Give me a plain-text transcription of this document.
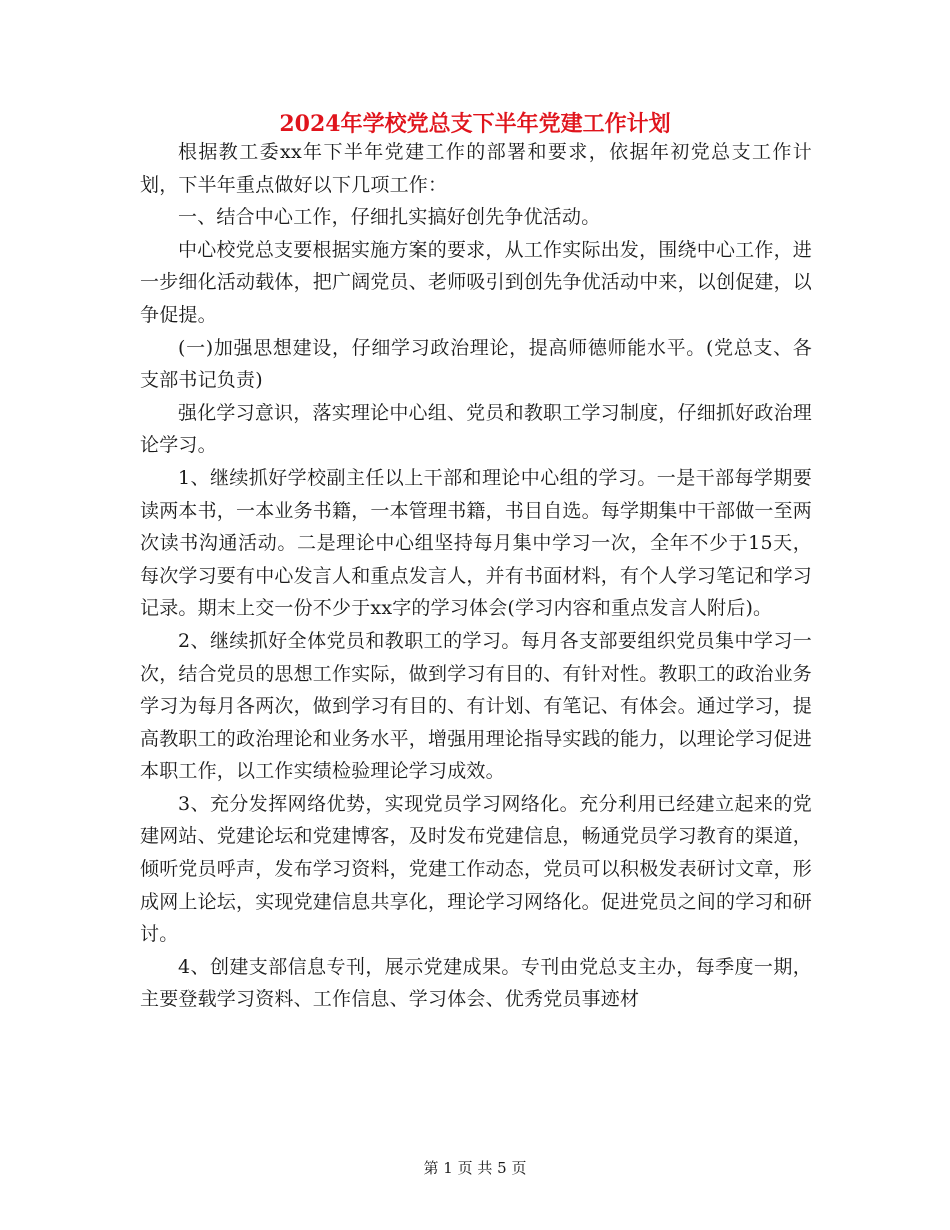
2024年学校党总支下半年党建工作计划

根据教工委xx年下半年党建工作的部署和要求，依据年初党总支工作计划，下半年重点做好以下几项工作：

一、结合中心工作，仔细扎实搞好创先争优活动。

中心校党总支要根据实施方案的要求，从工作实际出发，围绕中心工作，进一步细化活动载体，把广阔党员、老师吸引到创先争优活动中来，以创促建，以争促提。

(一)加强思想建设，仔细学习政治理论，提高师德师能水平。(党总支、各支部书记负责)

强化学习意识，落实理论中心组、党员和教职工学习制度，仔细抓好政治理论学习。

1、继续抓好学校副主任以上干部和理论中心组的学习。一是干部每学期要读两本书，一本业务书籍，一本管理书籍，书目自选。每学期集中干部做一至两次读书沟通活动。二是理论中心组坚持每月集中学习一次，全年不少于15天，每次学习要有中心发言人和重点发言人，并有书面材料，有个人学习笔记和学习记录。期末上交一份不少于xx字的学习体会(学习内容和重点发言人附后)。

2、继续抓好全体党员和教职工的学习。每月各支部要组织党员集中学习一次，结合党员的思想工作实际，做到学习有目的、有针对性。教职工的政治业务学习为每月各两次，做到学习有目的、有计划、有笔记、有体会。通过学习，提高教职工的政治理论和业务水平，增强用理论指导实践的能力，以理论学习促进本职工作，以工作实绩检验理论学习成效。

3、充分发挥网络优势，实现党员学习网络化。充分利用已经建立起来的党建网站、党建论坛和党建博客，及时发布党建信息，畅通党员学习教育的渠道，倾听党员呼声，发布学习资料，党建工作动态，党员可以积极发表研讨文章，形成网上论坛，实现党建信息共享化，理论学习网络化。促进党员之间的学习和研讨。

4、创建支部信息专刊，展示党建成果。专刊由党总支主办，每季度一期，主要登载学习资料、工作信息、学习体会、优秀党员事迹材

第 1 页 共 5 页
